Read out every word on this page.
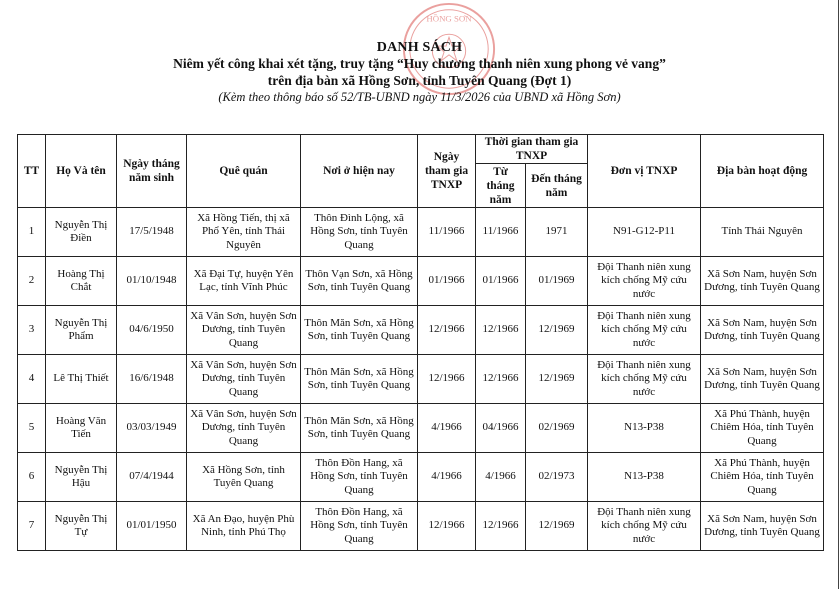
HỒNG SƠN
DANH SÁCH
Niêm yết công khai xét tặng, truy tặng “Huy chương thanh niên xung phong vẻ vang”
trên địa bàn xã Hồng Sơn, tỉnh Tuyên Quang (Đợt 1)
(Kèm theo thông báo số 52/TB-UBND ngày 11/3/2026 của UBND xã Hồng Sơn)
TT	Họ Và tên	Ngày tháng năm sinh	Quê quán	Nơi ở hiện nay	Ngày tham gia TNXP	Thời gian tham gia TNXP		Đơn vị TNXP	Địa bàn hoạt động
						Từ tháng năm	Đến tháng năm		
1	Nguyễn Thị Điền	17/5/1948	Xã Hồng Tiến, thị xã Phổ Yên, tỉnh Thái Nguyên	Thôn Đình Lộng, xã Hồng Sơn, tỉnh Tuyên Quang	11/1966	11/1966	1971	N91-G12-P11	Tỉnh Thái Nguyên
2	Hoàng Thị Chắt	01/10/1948	Xã Đại Tự, huyện Yên Lạc, tỉnh Vĩnh Phúc	Thôn Vạn Sơn, xã Hồng Sơn, tỉnh Tuyên Quang	01/1966	01/1966	01/1969	Đội Thanh niên xung kích chống Mỹ cứu nước	Xã Sơn Nam, huyện Sơn Dương, tỉnh Tuyên Quang
3	Nguyễn Thị Phẩm	04/6/1950	Xã Vân Sơn, huyện Sơn Dương, tỉnh Tuyên Quang	Thôn Măn Sơn, xã Hồng Sơn, tỉnh Tuyên Quang	12/1966	12/1966	12/1969	Đội Thanh niên xung kích chống Mỹ cứu nước	Xã Sơn Nam, huyện Sơn Dương, tỉnh Tuyên Quang
4	Lê Thị Thiết	16/6/1948	Xã Vân Sơn, huyện Sơn Dương, tỉnh Tuyên Quang	Thôn Măn Sơn, xã Hồng Sơn, tỉnh Tuyên Quang	12/1966	12/1966	12/1969	Đội Thanh niên xung kích chống Mỹ cứu nước	Xã Sơn Nam, huyện Sơn Dương, tỉnh Tuyên Quang
5	Hoàng Văn Tiến	03/03/1949	Xã Vân Sơn, huyện Sơn Dương, tỉnh Tuyên Quang	Thôn Măn Sơn, xã Hồng Sơn, tỉnh Tuyên Quang	4/1966	04/1966	02/1969	N13-P38	Xã Phú Thành, huyện Chiêm Hóa, tỉnh Tuyên Quang
6	Nguyễn Thị Hậu	07/4/1944	Xã Hồng Sơn, tỉnh Tuyên Quang	Thôn Đồn Hang, xã Hồng Sơn, tỉnh Tuyên Quang	4/1966	4/1966	02/1973	N13-P38	Xã Phú Thành, huyện Chiêm Hóa, tỉnh Tuyên Quang
7	Nguyễn Thị Tự	01/01/1950	Xã An Đạo, huyện Phù Ninh, tỉnh Phú Thọ	Thôn Đồn Hang, xã Hồng Sơn, tỉnh Tuyên Quang	12/1966	12/1966	12/1969	Đội Thanh niên xung kích chống Mỹ cứu nước	Xã Sơn Nam, huyện Sơn Dương, tỉnh Tuyên Quang
